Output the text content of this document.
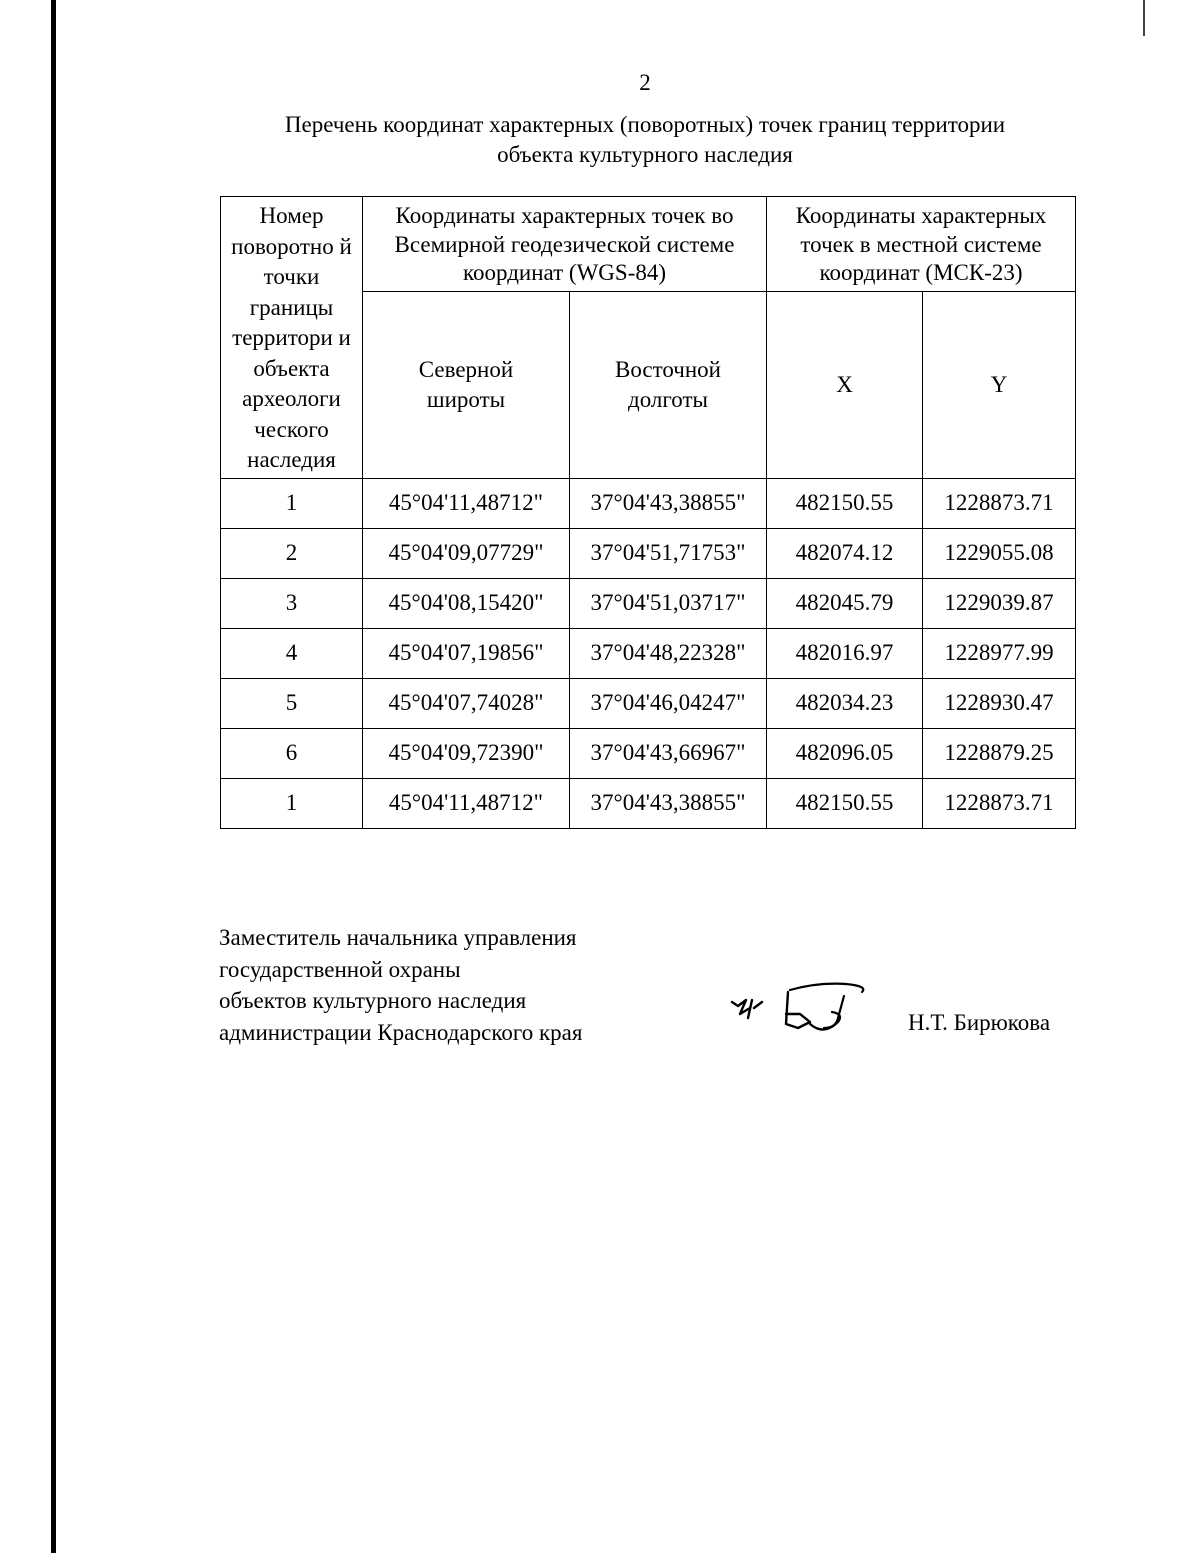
2
Перечень координат характерных (поворотных) точек границ территории
объекта культурного наследия
Номер поворотно й точки границы территори и объекта археологи ческого наследия	Координаты характерных точек во Всемирной геодезической системе координат (WGS-84)		Координаты характерных точек в местной системе координат (МСК-23)	

	Северной широты	Восточной долготы	X	Y
1	45°04'11,48712"	37°04'43,38855"	482150.55	1228873.71
2	45°04'09,07729"	37°04'51,71753"	482074.12	1229055.08
3	45°04'08,15420"	37°04'51,03717"	482045.79	1229039.87
4	45°04'07,19856"	37°04'48,22328"	482016.97	1228977.99
5	45°04'07,74028"	37°04'46,04247"	482034.23	1228930.47
6	45°04'09,72390"	37°04'43,66967"	482096.05	1228879.25
1	45°04'11,48712"	37°04'43,38855"	482150.55	1228873.71
Заместитель начальника управления
государственной охраны
объектов культурного наследия
администрации Краснодарского края	Н.Т. Бирюкова
